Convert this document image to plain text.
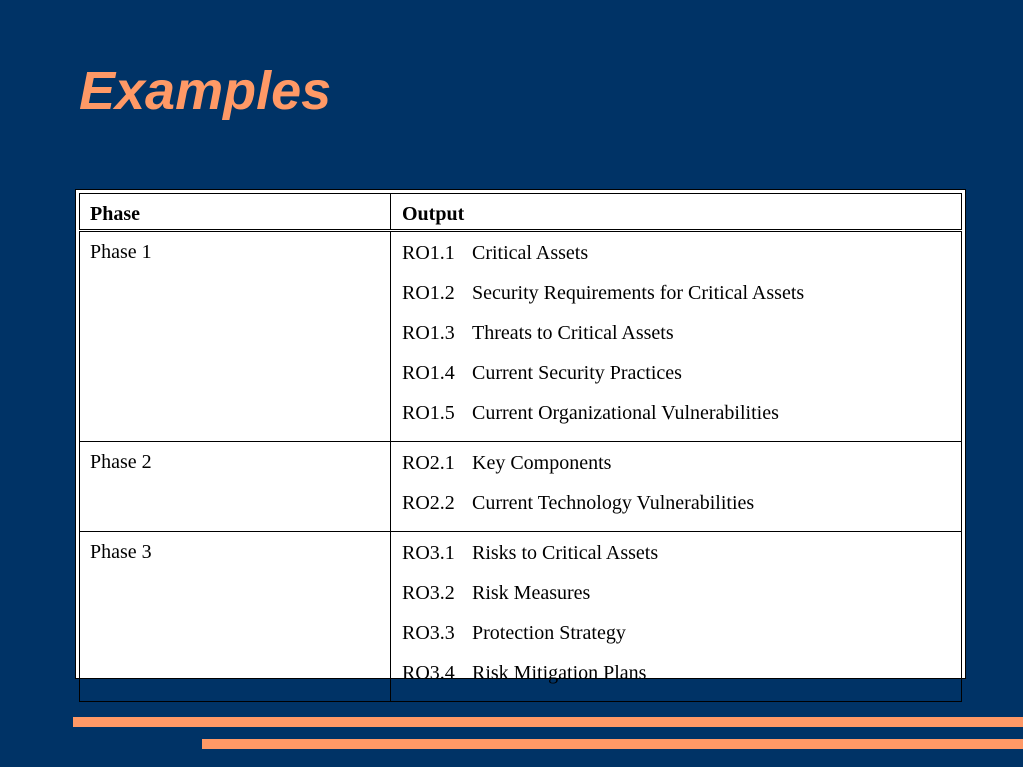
Examples
Phase	Output
Phase 1	RO1.1 Critical Assets
RO1.2 Security Requirements for Critical Assets
RO1.3 Threats to Critical Assets
RO1.4 Current Security Practices
RO1.5 Current Organizational Vulnerabilities

Phase 2	RO2.1 Key Components
RO2.2 Current Technology Vulnerabilities

Phase 3	RO3.1 Risks to Critical Assets
RO3.2 Risk Measures
RO3.3 Protection Strategy
RO3.4 Risk Mitigation Plans
